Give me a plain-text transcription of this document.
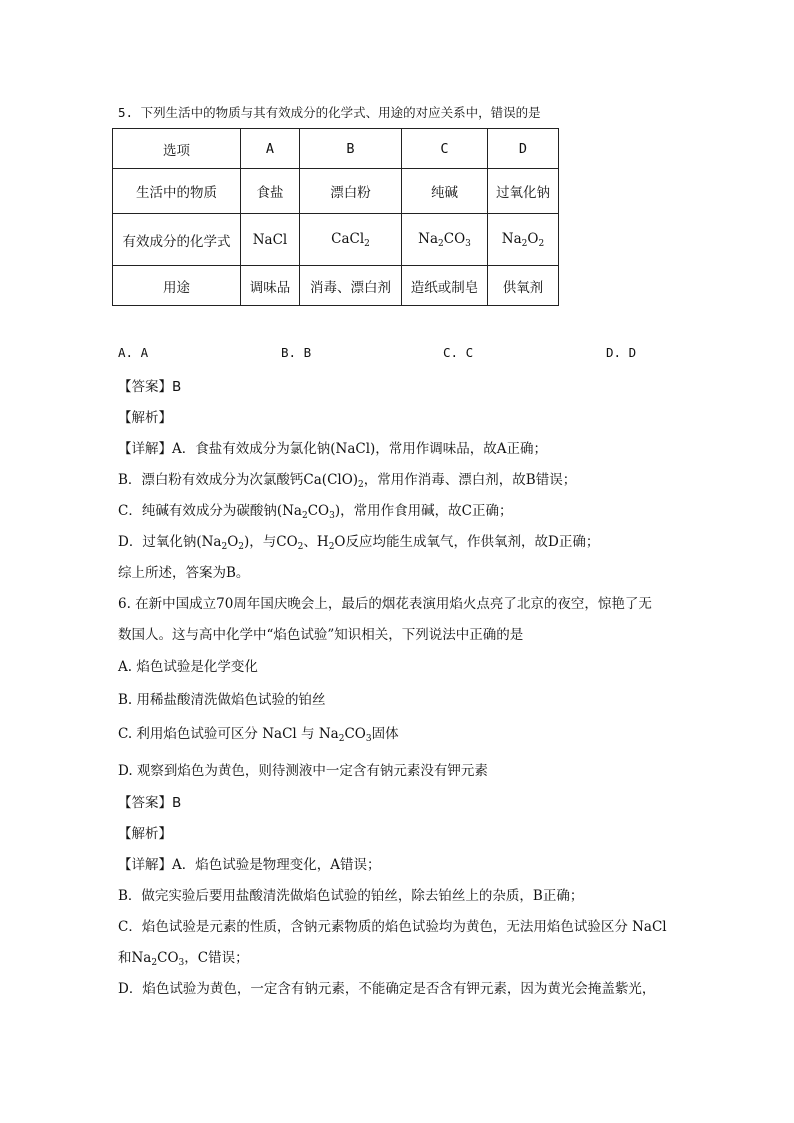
5. 下列生活中的物质与其有效成分的化学式、用途的对应关系中，错误的是
选项	A	B	C	D
生活中的物质	食盐	漂白粉	纯碱	过氧化钠
有效成分的化学式	NaCl	CaCl$_2$	$Na_2CO_3$	$Na_2O_2$
用途	调味品	消毒、漂白剂	造纸或制皂	供氧剂
A. A	B. B	C. C	D. D
【答案】B
【解析】
【详解】A．食盐有效成分为氯化钠(NaCl)，常用作调味品，故A正确；
B．漂白粉有效成分为次氯酸钙$Ca(ClO)_2$，常用作消毒、漂白剂，故B错误；
C．纯碱有效成分为碳酸钠$(Na_2CO_3)$，常用作食用碱，故C正确；
D．过氧化钠$(Na_2O_2)$，与$CO_2$、$H_2O$反应均能生成氧气，作供氧剂，故D正确；
综上所述，答案为B。
6. 在新中国成立70周年国庆晚会上，最后的烟花表演用焰火点亮了北京的夜空，惊艳了无
数国人。这与高中化学中“焰色试验”知识相关，下列说法中正确的是
A. 焰色试验是化学变化
B. 用稀盐酸清洗做焰色试验的铂丝
C. 利用焰色试验可区分 NaCl 与 $Na_2CO_3$固体
D. 观察到焰色为黄色，则待测液中一定含有钠元素没有钾元素
【答案】B
【解析】
【详解】A．焰色试验是物理变化，A错误；
B．做完实验后要用盐酸清洗做焰色试验的铂丝，除去铂丝上的杂质，B正确；
C．焰色试验是元素的性质，含钠元素物质的焰色试验均为黄色，无法用焰色试验区分 NaCl
和$Na_2CO_3$，C错误；
D．焰色试验为黄色，一定含有钠元素，不能确定是否含有钾元素，因为黄光会掩盖紫光，
